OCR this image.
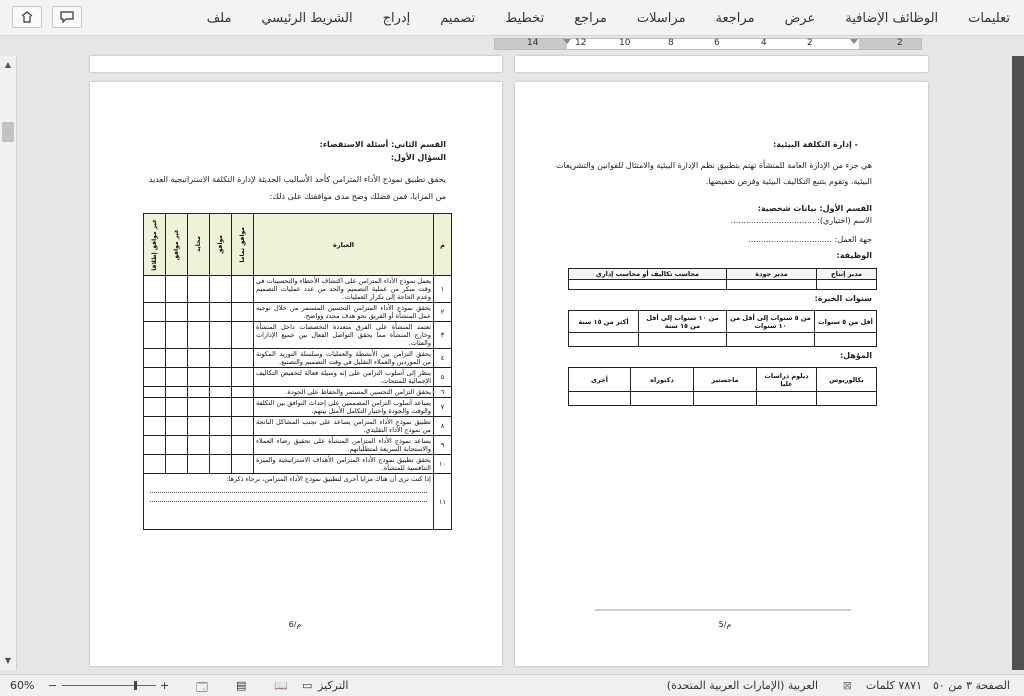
ملف الشريط الرئيسي إدراج تصميم تخطيط مراجع مراسلات مراجعة عرض الوظائف الإضافية تعليمات
14	12	10	8	6	4	2	2
▲
▼
- إدارة التكلفة البيئية:
هي جزء من الإدارة العامة للمنشأة تهتم بتطبيق نظم الإدارة البيئية والامتثال للقوانين والتشريعات البيئية، وتقوم بتتبع التكاليف البيئية وفرص تخفيضها.
القسم الأول: بيانات شخصية:
الاسم (اختياري): .................................
جهة العمل: .................................
الوظيفة:
مدير إنتاج	مدير جودة	محاسب تكاليف أو محاسب إداري

سنوات الخبرة:
أقل من ٥ سنوات	من ٥ سنوات إلى أقل من ١٠ سنوات	من ١٠ سنوات إلى أقل من ١٥ سنة	أكثر من ١٥ سنة

المؤهل:
بكالوريوس	دبلوم دراسات عليا	ماجستير	دكتوراه	أخرى

م/5
القسم الثاني: أسئلة الاستقصاء:
السؤال الأول:
يحقق تطبيق نموذج الأداء المتزامن كأحد الأساليب الحديثة لإدارة التكلفة الاستراتيجية العديد
من المزايا، فمن فضلك وضح مدى موافقتك على ذلك:
م	العبارة	موافق تماما	موافق	محايد	غير موافق	غير موافق إطلاقا

١	يعمل نموذج الأداء المتزامن على اكتشاف الأخطاء والتحسينات في وقت مبكر من عملية التصميم والحد من عدد عمليات التصميم وعدم الحاجة إلى تكرار العمليات.					
٢	يحقق نموذج الأداء المتزامن التحسين المستمر من خلال توجيه عمل المنشأة أو الفريق نحو هدف محدد وواضح.					
٣	تعتمد المنشأة على الفرق متعددة التخصصات داخل المنشأة وخارج المنشأة مما يحقق التواصل الفعال بين جميع الإدارات والفئات.					
٤	يحقق التزامن بين الأنشطة والعمليات وسلسلة التوريد المكونة من الموردين والعملاء التقليل في وقت التصميم والتصنيع.					
٥	ينظر إلى أسلوب التزامن على إنه وسيلة فعالة لتخفيض التكاليف الإجمالية للمنتجات.					
٦	يحقق التزامن التحسين المستمر والحفاظ على الجودة.					
٧	يساعد أسلوب التزامن المصممين على إحداث التوافق بين التكلفة والوقت والجودة واختيار التكامل الأمثل بينهم.					
٨	تطبيق نموذج الأداء المتزامن يساعد على تجنب المشاكل الناتجة من نموذج الأداء التقليدي.					
٩	يساعد نموذج الأداء المتزامن المنشأة على تحقيق رضاء العملاء والاستجابة السريعة لمتطلباتهم.					
١٠	يحقق تطبيق نموذج الأداء المتزامن الأهداف الاستراتيجية والميزة التنافسية للمنشأة.					
١١	إذا كنت ترى أن هناك مزايا أخرى لتطبيق نموذج الأداء المتزامن، برجاء ذكرها:					
م/6
الصفحة ٣ من ٥٠
٧٨٧١ كلمات
⊠
العربية (الإمارات العربية المتحدة)
التركيز
▭
📖
▤
🗔
+
−
60%
